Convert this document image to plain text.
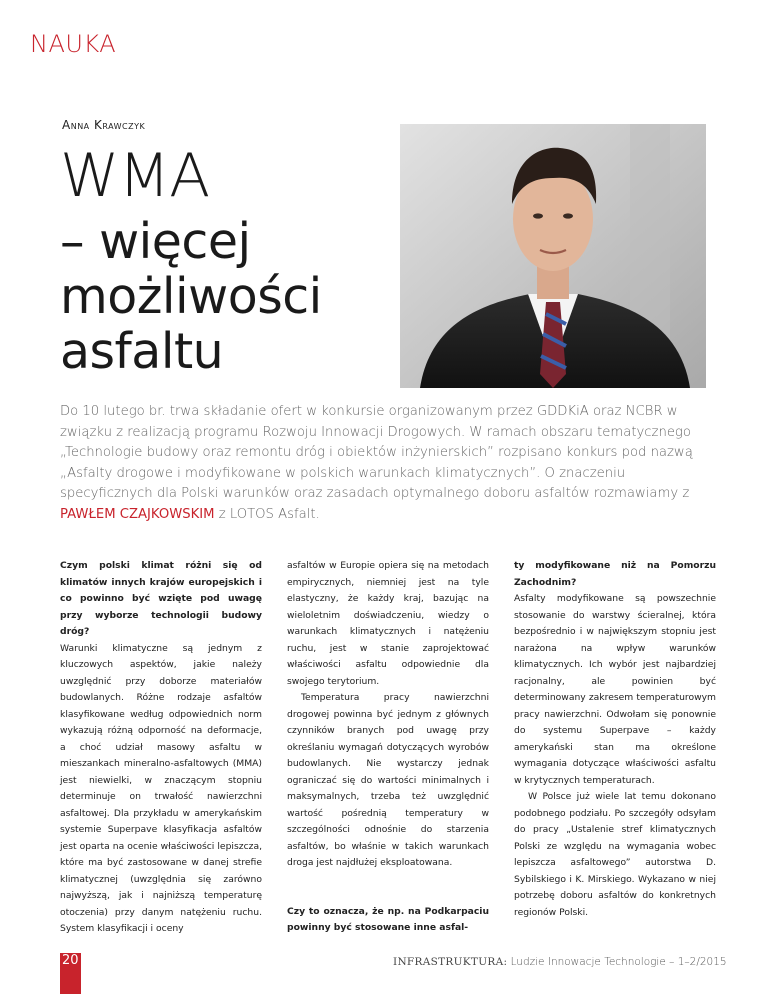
NAUKA
Anna Krawczyk
WMA
– więcej
możliwości
asfaltu
Do 10 lutego br. trwa składanie ofert w konkursie organizowanym przez GDDKiA oraz NCBR w związku z realizacją programu Rozwoju Innowacji Drogowych. W ramach obszaru tematycznego „Technologie budowy oraz remontu dróg i obiektów inżynierskich” rozpisano konkurs pod nazwą „Asfalty drogowe i modyfikowane w polskich warunkach klimatycznych”. O znaczeniu specyficznych dla Polski warunków oraz zasadach optymalnego doboru asfaltów rozmawiamy z PAWŁEM CZAJKOWSKIM z LOTOS Asfalt.

Czym polski klimat różni się od klimatów innych krajów europejskich i co powinno być wzięte pod uwagę przy wyborze technologii budowy dróg?

Warunki klimatyczne są jednym z kluczowych aspektów, jakie należy uwzględnić przy doborze materiałów budowlanych. Różne rodzaje asfaltów klasyfikowane według odpowiednich norm wykazują różną odporność na deformacje, a choć udział masowy asfaltu w mieszankach mineralno-asfaltowych (MMA) jest niewielki, w znaczącym stopniu determinuje on trwałość nawierzchni asfaltowej. Dla przykładu w amerykańskim systemie Superpave klasyfikacja asfaltów jest oparta na ocenie właściwości lepiszcza, które ma być zastosowane w danej strefie klimatycznej (uwzględnia się zarówno najwyższą, jak i najniższą temperaturę otoczenia) przy danym natężeniu ruchu. System klasyfikacji i oceny

asfaltów w Europie opiera się na metodach empirycznych, niemniej jest na tyle elastyczny, że każdy kraj, bazując na wieloletnim doświadczeniu, wiedzy o warunkach klimatycznych i natężeniu ruchu, jest w stanie zaprojektować właściwości asfaltu odpowiednie dla swojego terytorium.

Temperatura pracy nawierzchni drogowej powinna być jednym z głównych czynników branych pod uwagę przy określaniu wymagań dotyczących wyrobów budowlanych. Nie wystarczy jednak ograniczać się do wartości minimalnych i maksymalnych, trzeba też uwzględnić wartość pośrednią temperatury w szczególności odnośnie do starzenia asfaltów, bo właśnie w takich warunkach droga jest najdłużej eksploatowana.

Czy to oznacza, że np. na Podkarpaciu powinny być stosowane inne asfal-

ty modyfikowane niż na Pomorzu Zachodnim?

Asfalty modyfikowane są powszechnie stosowanie do warstwy ścieralnej, która bezpośrednio i w największym stopniu jest narażona na wpływ warunków klimatycznych. Ich wybór jest najbardziej racjonalny, ale powinien być determinowany zakresem temperaturowym pracy nawierzchni. Odwołam się ponownie do systemu Superpave – każdy amerykański stan ma określone wymagania dotyczące właściwości asfaltu w krytycznych temperaturach.

W Polsce już wiele lat temu dokonano podobnego podziału. Po szczegóły odsyłam do pracy „Ustalenie stref klimatycznych Polski ze względu na wymagania wobec lepiszcza asfaltowego” autorstwa D. Sybilskiego i K. Mirskiego. Wykazano w niej potrzebę doboru asfaltów do konkretnych regionów Polski.

20	INFRASTRUKTURA: Ludzie Innowacje Technologie – 1–2/2015
